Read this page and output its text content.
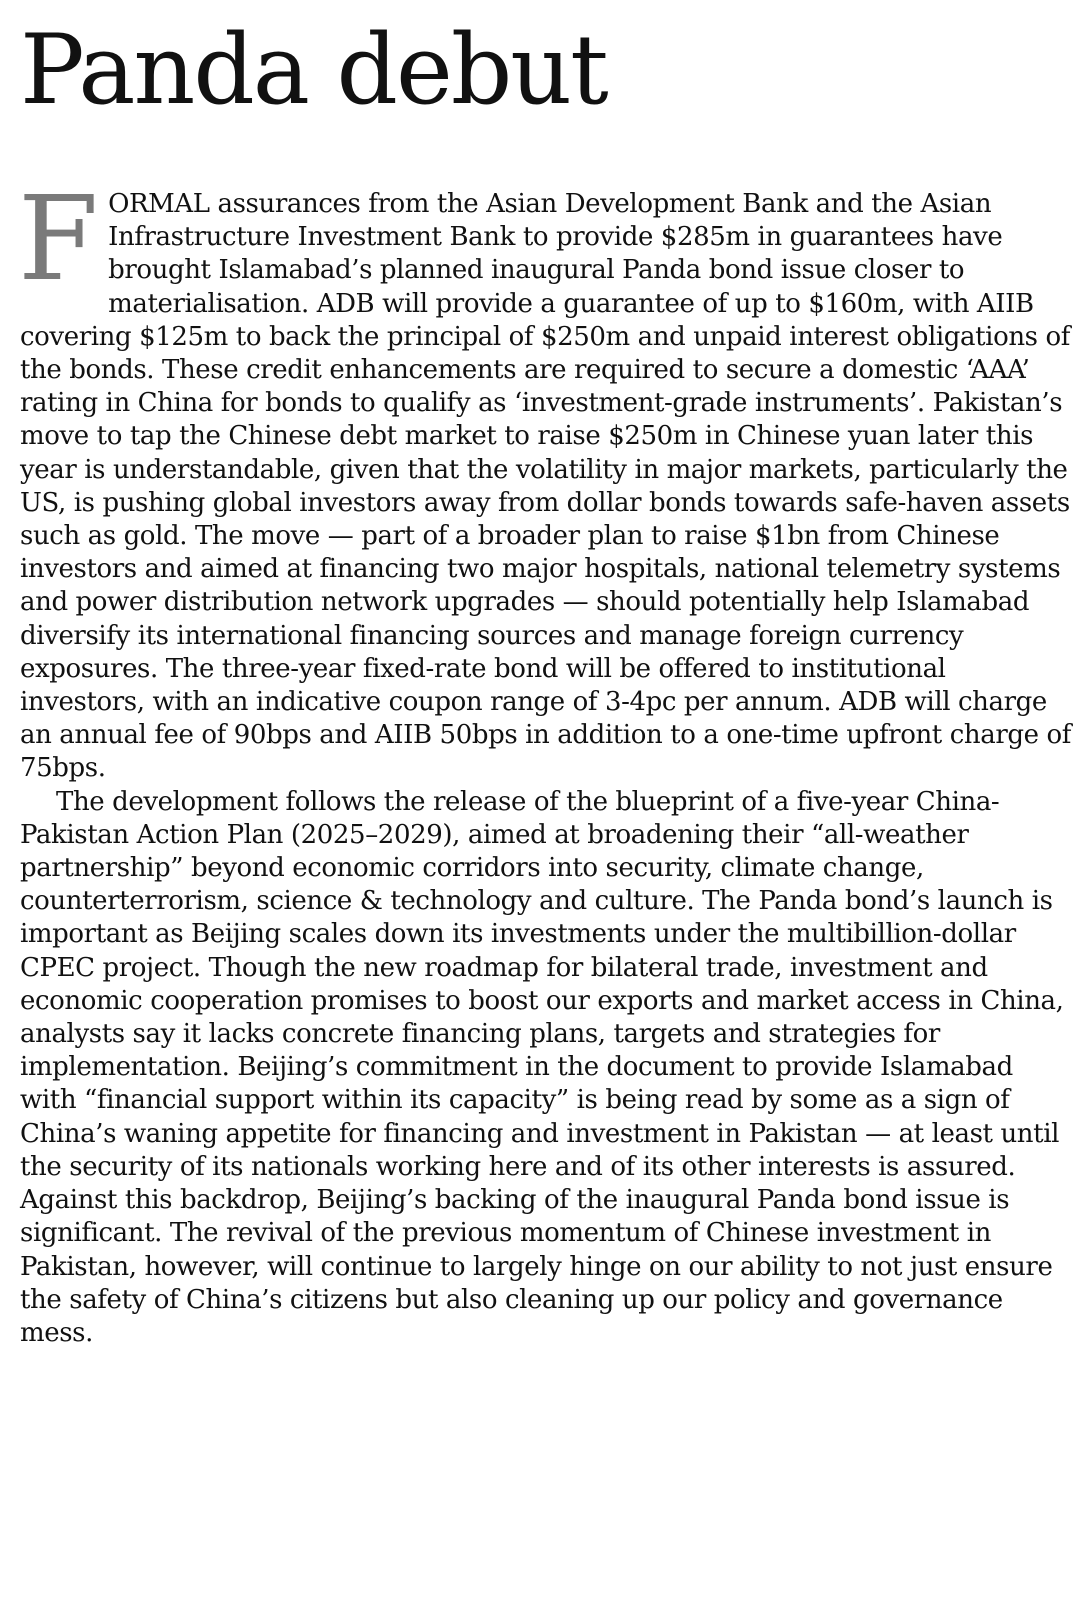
Panda debut

FORMAL assurances from the Asian Development Bank and the Asian Infrastructure Investment Bank to provide $285m in guarantees have brought Islamabad’s planned inaugural Panda bond issue closer to materialisation. ADB will provide a guarantee of up to $160m, with AIIB covering $125m to back the principal of $250m and unpaid interest obligations of the bonds. These credit enhancements are required to secure a domestic ‘AAA’ rating in China for bonds to qualify as ‘investment-grade instruments’. Pakistan’s move to tap the Chinese debt market to raise $250m in Chinese yuan later this year is understandable, given that the volatility in major markets, particularly the US, is pushing global investors away from dollar bonds towards safe-haven assets such as gold. The move — part of a broader plan to raise $1bn from Chinese investors and aimed at financing two major hospitals, national telemetry systems and power distribution network upgrades — should potentially help Islamabad diversify its international financing sources and manage foreign currency exposures. The three-year fixed-rate bond will be offered to institutional investors, with an indicative coupon range of 3-4pc per annum. ADB will charge an annual fee of 90bps and AIIB 50bps in addition to a one-time upfront charge of 75bps.

The development follows the release of the blueprint of a five-year China-Pakistan Action Plan (2025–2029), aimed at broadening their “all-weather partnership” beyond economic corridors into security, climate change, counterterrorism, science & technology and culture. The Panda bond’s launch is important as Beijing scales down its investments under the multibillion-dollar CPEC project. Though the new roadmap for bilateral trade, investment and economic cooperation promises to boost our exports and market access in China, analysts say it lacks concrete financing plans, targets and strategies for implementation. Beijing’s commitment in the document to provide Islamabad with “financial support within its capacity” is being read by some as a sign of China’s waning appetite for financing and investment in Pakistan — at least until the security of its nationals working here and of its other interests is assured. Against this backdrop, Beijing’s backing of the inaugural Panda bond issue is significant. The revival of the previous momentum of Chinese investment in Pakistan, however, will continue to largely hinge on our ability to not just ensure the safety of China’s citizens but also cleaning up our policy and governance mess.
